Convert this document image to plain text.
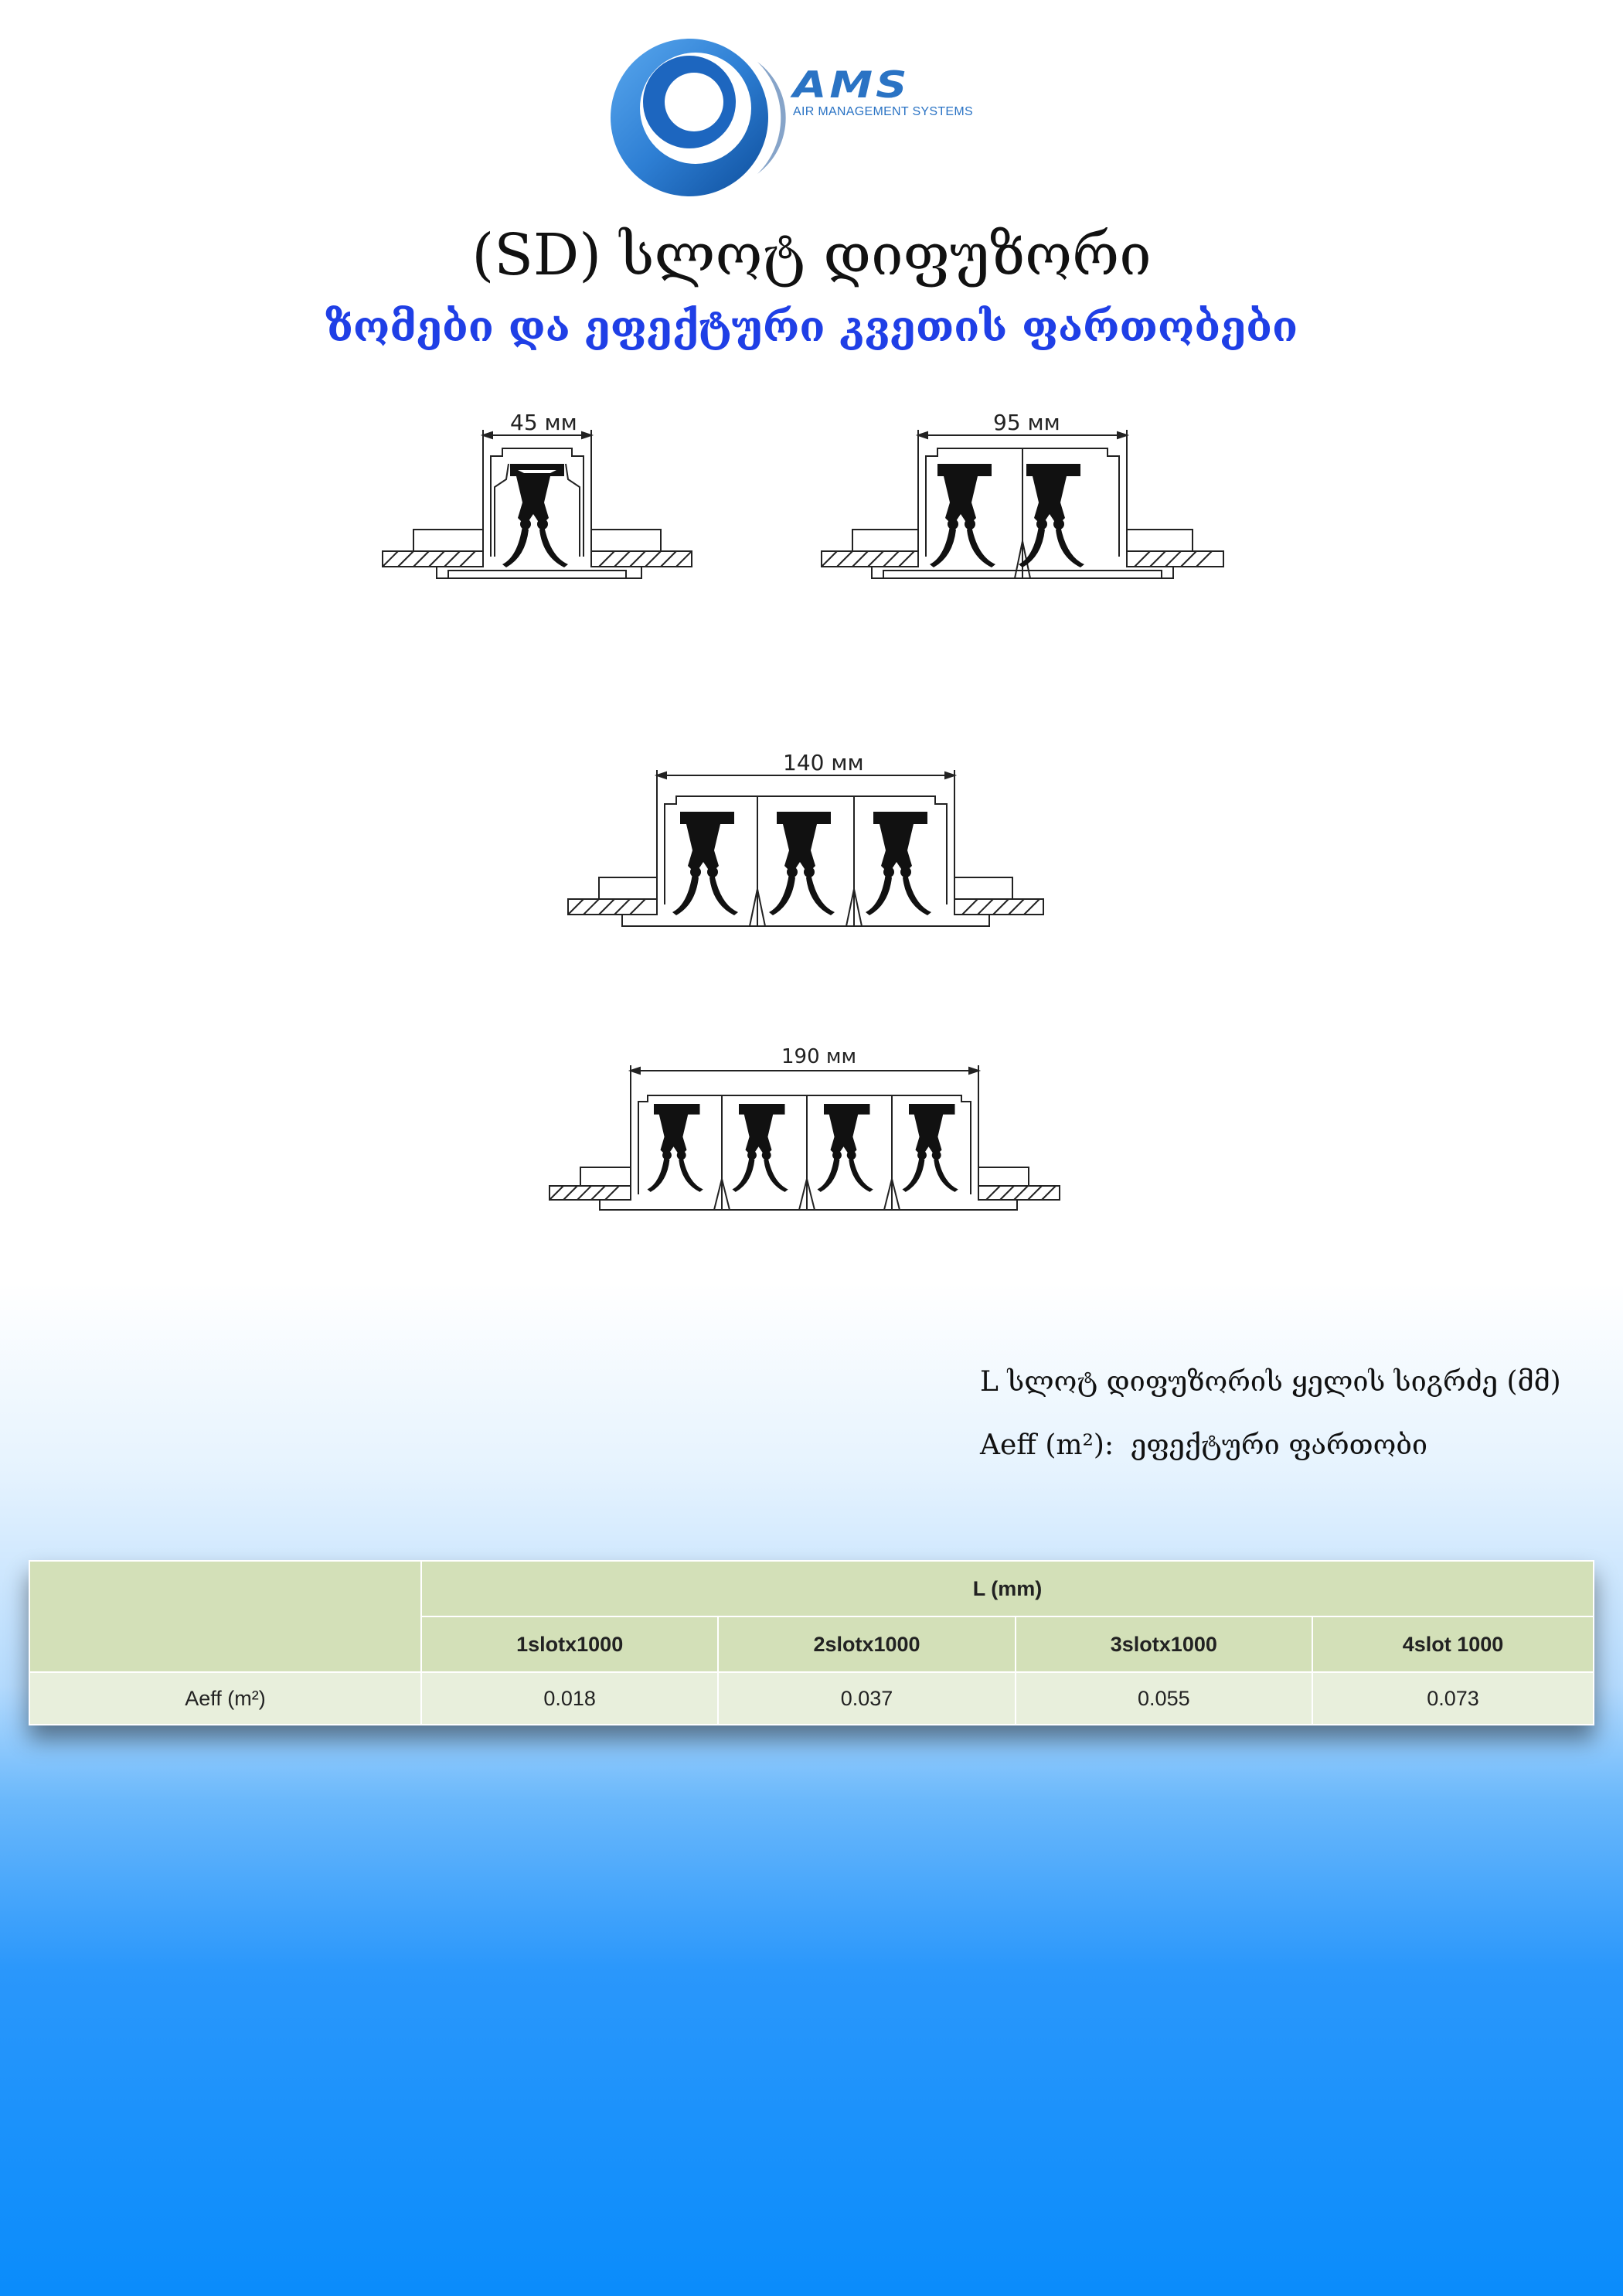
AMS
AIR MANAGEMENT SYSTEMS
(SD) სლოტ დიფუზორი
ზომები და ეფექტური კვეთის ფართობები
45 мм	95 мм
140 мм
190 мм
L სლოტ დიფუზორის ყელის სიგრძე (მმ)
Aeff (m²): ეფექტური ფართობი
	L (mm)			
	1slotx1000	2slotx1000	3slotx1000	4slot 1000
Aeff (m²)	0.018	0.037	0.055	0.073
